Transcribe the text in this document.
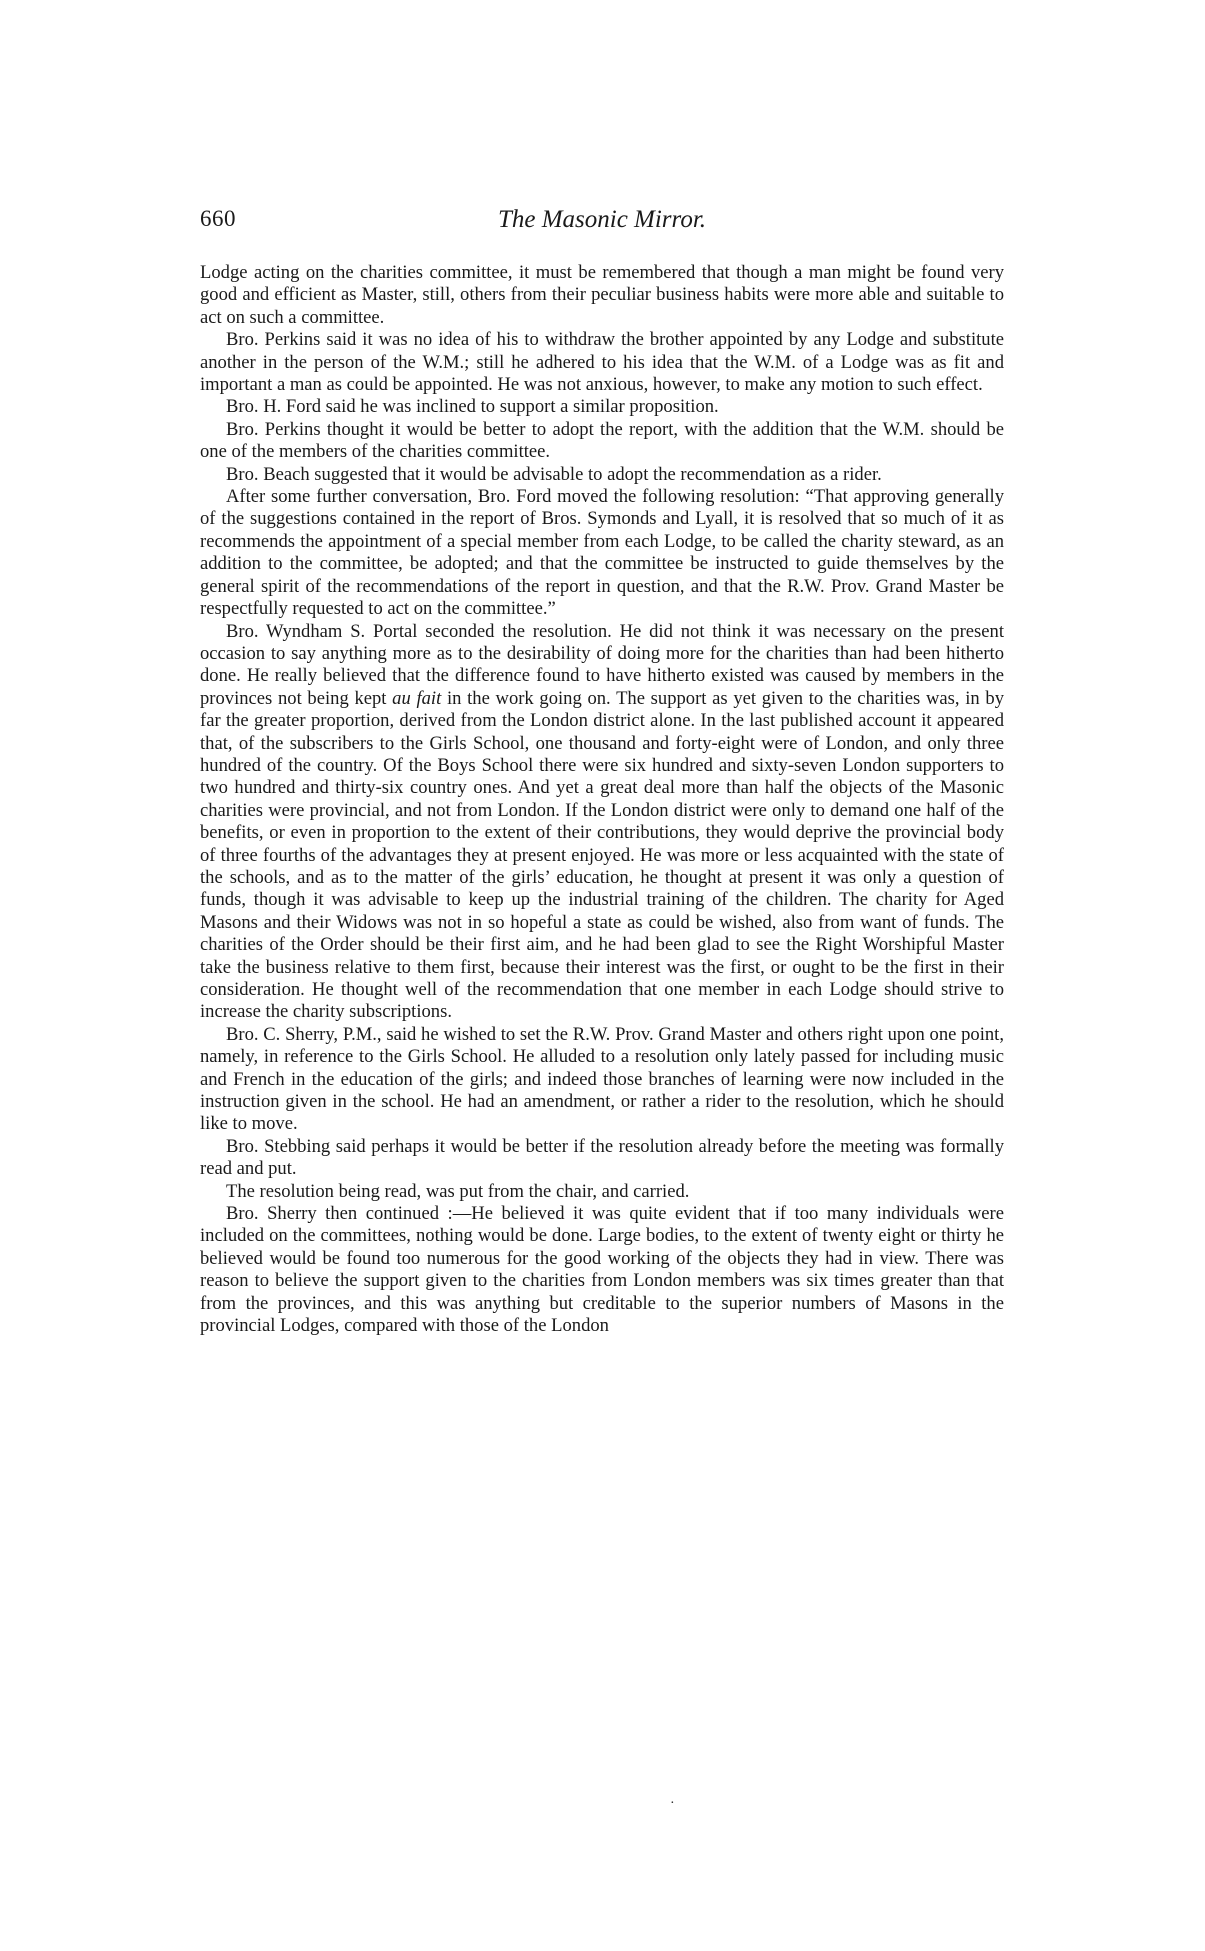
660	The Masonic Mirror.

Lodge acting on the charities committee, it must be remembered that though a man might be found very good and efficient as Master, still, others from their peculiar business habits were more able and suitable to act on such a committee.

Bro. Perkins said it was no idea of his to withdraw the brother appointed by any Lodge and substitute another in the person of the W.M.; still he adhered to his idea that the W.M. of a Lodge was as fit and important a man as could be appointed. He was not anxious, however, to make any motion to such effect.

Bro. H. Ford said he was inclined to support a similar proposition.

Bro. Perkins thought it would be better to adopt the report, with the addition that the W.M. should be one of the members of the charities committee.

Bro. Beach suggested that it would be advisable to adopt the recommendation as a rider.

After some further conversation, Bro. Ford moved the following resolution: “That approving generally of the suggestions contained in the report of Bros. Symonds and Lyall, it is resolved that so much of it as recommends the appointment of a special member from each Lodge, to be called the charity steward, as an addition to the committee, be adopted; and that the committee be instructed to guide themselves by the general spirit of the recommendations of the report in question, and that the R.W. Prov. Grand Master be respectfully requested to act on the committee.”

Bro. Wyndham S. Portal seconded the resolution. He did not think it was necessary on the present occasion to say anything more as to the desirability of doing more for the charities than had been hitherto done. He really believed that the difference found to have hitherto existed was caused by members in the provinces not being kept au fait in the work going on. The support as yet given to the charities was, in by far the greater proportion, derived from the London district alone. In the last published account it appeared that, of the subscribers to the Girls School, one thousand and forty-eight were of London, and only three hundred of the country. Of the Boys School there were six hundred and sixty-seven London supporters to two hundred and thirty-six country ones. And yet a great deal more than half the objects of the Masonic charities were provincial, and not from London. If the London district were only to demand one half of the benefits, or even in proportion to the extent of their contributions, they would deprive the provincial body of three fourths of the advantages they at present enjoyed. He was more or less acquainted with the state of the schools, and as to the matter of the girls’ education, he thought at present it was only a question of funds, though it was advisable to keep up the industrial training of the children. The charity for Aged Masons and their Widows was not in so hopeful a state as could be wished, also from want of funds. The charities of the Order should be their first aim, and he had been glad to see the Right Worshipful Master take the business relative to them first, because their interest was the first, or ought to be the first in their consideration. He thought well of the recommendation that one member in each Lodge should strive to increase the charity subscriptions.

Bro. C. Sherry, P.M., said he wished to set the R.W. Prov. Grand Master and others right upon one point, namely, in reference to the Girls School. He alluded to a resolution only lately passed for including music and French in the education of the girls; and indeed those branches of learning were now included in the instruction given in the school. He had an amendment, or rather a rider to the resolution, which he should like to move.

Bro. Stebbing said perhaps it would be better if the resolution already before the meeting was formally read and put.

The resolution being read, was put from the chair, and carried.

Bro. Sherry then continued :—He believed it was quite evident that if too many individuals were included on the committees, nothing would be done. Large bodies, to the extent of twenty eight or thirty he believed would be found too numerous for the good working of the objects they had in view. There was reason to believe the support given to the charities from London members was six times greater than that from the provinces, and this was anything but creditable to the superior numbers of Masons in the provincial Lodges, compared with those of the London

·
